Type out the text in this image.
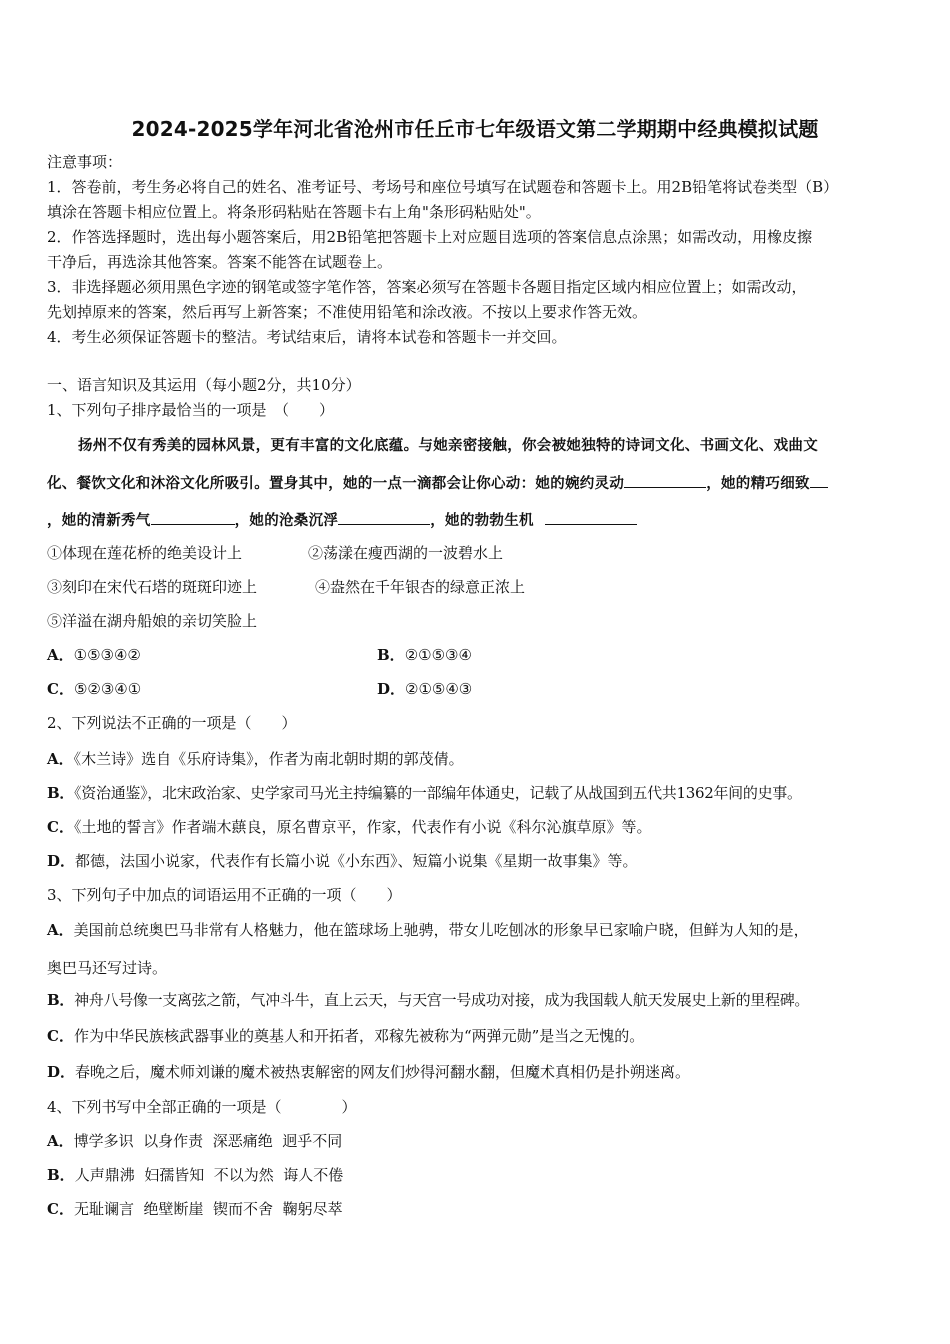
2024-2025学年河北省沧州市任丘市七年级语文第二学期期中经典模拟试题
注意事项：
1．答卷前，考生务必将自己的姓名、准考证号、考场号和座位号填写在试题卷和答题卡上。用2B铅笔将试卷类型（B）
填涂在答题卡相应位置上。将条形码粘贴在答题卡右上角"条形码粘贴处"。
2．作答选择题时，选出每小题答案后，用2B铅笔把答题卡上对应题目选项的答案信息点涂黑；如需改动，用橡皮擦
干净后，再选涂其他答案。答案不能答在试题卷上。
3．非选择题必须用黑色字迹的钢笔或签字笔作答，答案必须写在答题卡各题目指定区域内相应位置上；如需改动，
先划掉原来的答案，然后再写上新答案；不准使用铅笔和涂改液。不按以上要求作答无效。
4．考生必须保证答题卡的整洁。考试结束后，请将本试卷和答题卡一并交回。
一、语言知识及其运用（每小题2分，共10分）
1、下列句子排序最恰当的一项是　（　　）
扬州不仅有秀美的园林风景，更有丰富的文化底蕴。与她亲密接触，你会被她独特的诗词文化、书画文化、戏曲文
化、餐饮文化和沐浴文化所吸引。置身其中，她的一点一滴都会让你心动：她的婉约灵动	，她的精巧细致
，她的清新秀气	，她的沧桑沉浮	，她的勃勃生机
①体现在莲花桥的绝美设计上	②荡漾在瘦西湖的一波碧水上
③刻印在宋代石塔的斑斑印迹上	④盎然在千年银杏的绿意正浓上
⑤洋溢在湖舟船娘的亲切笑脸上
A．①⑤③④②	B．②①⑤③④
C．⑤②③④①	D．②①⑤④③
2、下列说法不正确的一项是（　　）
A．《木兰诗》选自《乐府诗集》，作者为南北朝时期的郭茂倩。
B．《资治通鉴》，北宋政治家、史学家司马光主持编纂的一部编年体通史，记载了从战国到五代共1362年间的史事。
C．《土地的誓言》作者端木蕻良，原名曹京平，作家，代表作有小说《科尔沁旗草原》等。
D．都德，法国小说家，代表作有长篇小说《小东西》、短篇小说集《星期一故事集》等。
3、下列句子中加点的词语运用不正确的一项（　　）
A．美国前总统奥巴马非常有人格魅力，他在篮球场上驰骋，带女儿吃刨冰的形象早已家喻户晓，但鲜为人知的是，
奥巴马还写过诗。
B．神舟八号像一支离弦之箭，气冲斗牛，直上云天，与天宫一号成功对接，成为我国载人航天发展史上新的里程碑。
C．作为中华民族核武器事业的奠基人和开拓者，邓稼先被称为“两弹元勋”是当之无愧的。
D．春晚之后，魔术师刘谦的魔术被热衷解密的网友们炒得河翻水翻，但魔术真相仍是扑朔迷离。
4、下列书写中全部正确的一项是（　　　　）
A．博学多识  以身作责  深恶痛绝  迥乎不同
B．人声鼎沸  妇孺皆知  不以为然  诲人不倦
C．无耻谰言  绝壁断崖  锲而不舍  鞠躬尽萃
